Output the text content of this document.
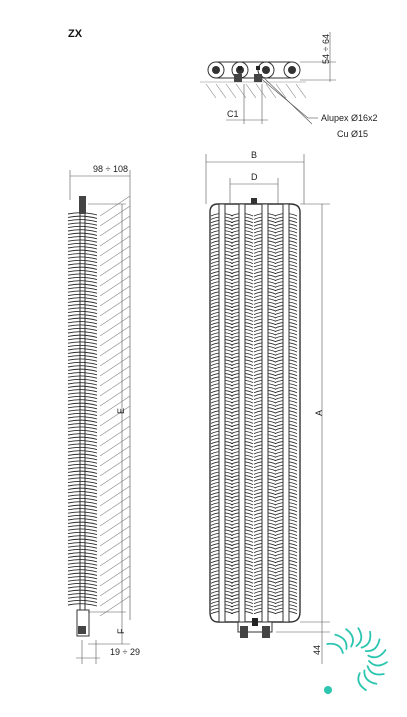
ZX
54 ÷ 64
C1	Alupex Ø16x2
Cu Ø15
98 ÷ 108
E
F
19 ÷ 29
B
D
A
44
